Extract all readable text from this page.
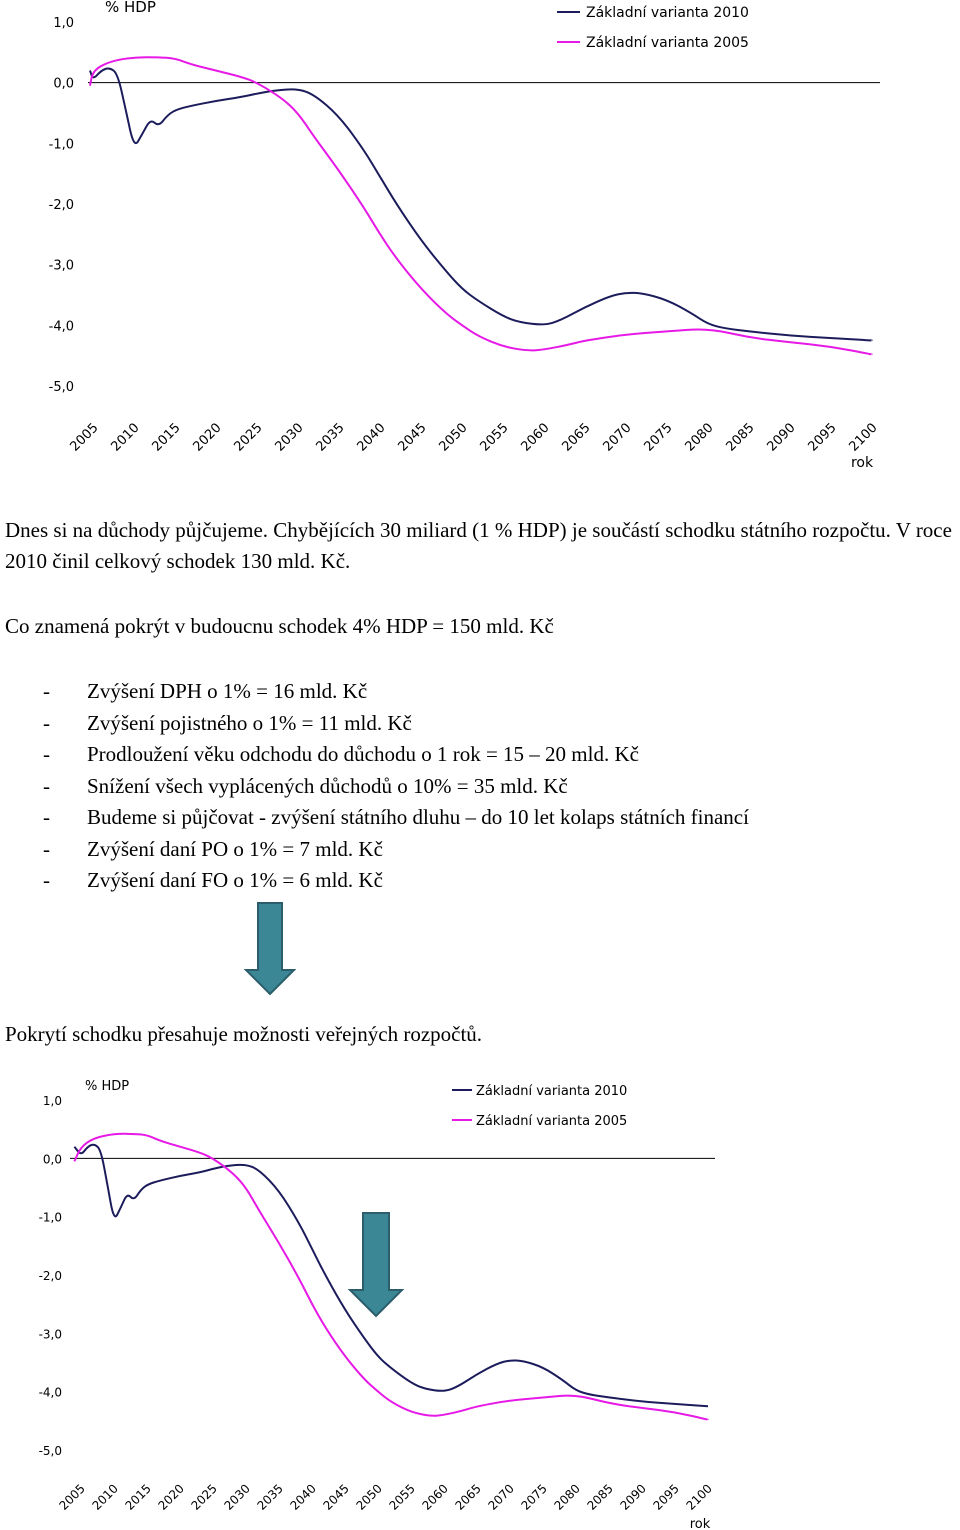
1,0
0,0
-1,0
-2,0
-3,0
-4,0
-5,0
2005 2010 2015 2020 2025 2030 2035 2040 2045 2050 2055 2060 2065 2070 2075 2080 2085 2090 2095 2100
% HDP
rok
Základní varianta 2010
Základní varianta 2005

Dnes si na důchody půjčujeme. Chybějících 30 miliard (1 % HDP) je součástí schodku státního rozpočtu. V roce 2010 činil celkový schodek 130 mld. Kč.

Co znamená pokrýt v budoucnu schodek 4% HDP = 150 mld. Kč

- Zvýšení DPH o 1% = 16 mld. Kč
- Zvýšení pojistného o 1% = 11 mld. Kč
- Prodloužení věku odchodu do důchodu o 1 rok = 15 – 20 mld. Kč
- Snížení všech vyplácených důchodů o 10% = 35 mld. Kč
- Budeme si půjčovat - zvýšení státního dluhu – do 10 let kolaps státních financí
- Zvýšení daní PO o 1% = 7 mld. Kč
- Zvýšení daní FO o 1% = 6 mld. Kč

Pokrytí schodku přesahuje možnosti veřejných rozpočtů.

1,0
0,0
-1,0
-2,0
-3,0
-4,0
-5,0
2005 2010 2015 2020 2025 2030 2035 2040 2045 2050 2055 2060 2065 2070 2075 2080 2085 2090 2095 2100
% HDP
rok
Základní varianta 2010
Základní varianta 2005
